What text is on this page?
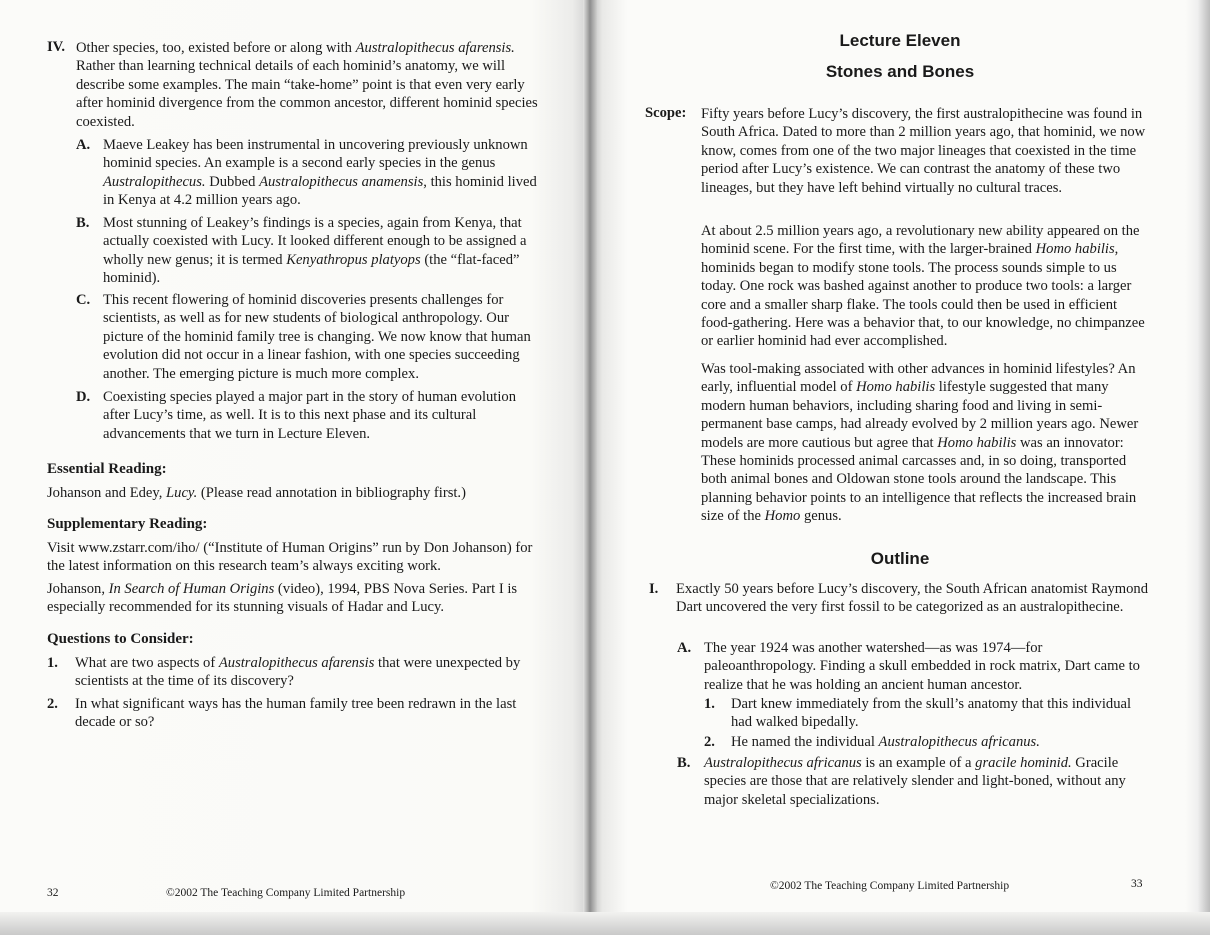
IV. Other species, too, existed before or along with Australopithecus afarensis. Rather than learning technical details of each hominid’s anatomy, we will describe some examples. The main “take-home” point is that even very early after hominid divergence from the common ancestor, different hominid species coexisted.

A. Maeve Leakey has been instrumental in uncovering previously unknown hominid species. An example is a second early species in the genus Australopithecus. Dubbed Australopithecus anamensis, this hominid lived in Kenya at 4.2 million years ago.

B. Most stunning of Leakey’s findings is a species, again from Kenya, that actually coexisted with Lucy. It looked different enough to be assigned a wholly new genus; it is termed Kenyathropus platyops (the “flat-faced” hominid).

C. This recent flowering of hominid discoveries presents challenges for scientists, as well as for new students of biological anthropology. Our picture of the hominid family tree is changing. We now know that human evolution did not occur in a linear fashion, with one species succeeding another. The emerging picture is much more complex.

D. Coexisting species played a major part in the story of human evolution after Lucy’s time, as well. It is to this next phase and its cultural advancements that we turn in Lecture Eleven.

Essential Reading:

Johanson and Edey, Lucy. (Please read annotation in bibliography first.)

Supplementary Reading:

Visit www.zstarr.com/iho/ (“Institute of Human Origins” run by Don Johanson) for the latest information on this research team’s always exciting work.

Johanson, In Search of Human Origins (video), 1994, PBS Nova Series. Part I is especially recommended for its stunning visuals of Hadar and Lucy.

Questions to Consider:
1. What are two aspects of Australopithecus afarensis that were unexpected by scientists at the time of its discovery?

2. In what significant ways has the human family tree been redrawn in the last decade or so?

32	©2002 The Teaching Company Limited Partnership
Lecture Eleven
Stones and Bones
Scope: Fifty years before Lucy’s discovery, the first australopithecine was found in South Africa. Dated to more than 2 million years ago, that hominid, we now know, comes from one of the two major lineages that coexisted in the time period after Lucy’s existence. We can contrast the anatomy of these two lineages, but they have left behind virtually no cultural traces.

At about 2.5 million years ago, a revolutionary new ability appeared on the hominid scene. For the first time, with the larger-brained Homo habilis, hominids began to modify stone tools. The process sounds simple to us today. One rock was bashed against another to produce two tools: a larger core and a smaller sharp flake. The tools could then be used in efficient food-gathering. Here was a behavior that, to our knowledge, no chimpanzee or earlier hominid had ever accomplished.

Was tool-making associated with other advances in hominid lifestyles? An early, influential model of Homo habilis lifestyle suggested that many modern human behaviors, including sharing food and living in semi-permanent base camps, had already evolved by 2 million years ago. Newer models are more cautious but agree that Homo habilis was an innovator: These hominids processed animal carcasses and, in so doing, transported both animal bones and Oldowan stone tools around the landscape. This planning behavior points to an intelligence that reflects the increased brain size of the Homo genus.

Outline
I. Exactly 50 years before Lucy’s discovery, the South African anatomist Raymond Dart uncovered the very first fossil to be categorized as an australopithecine.

A. The year 1924 was another watershed—as was 1974—for paleoanthropology. Finding a skull embedded in rock matrix, Dart came to realize that he was holding an ancient human ancestor.

1. Dart knew immediately from the skull’s anatomy that this individual had walked bipedally.

2. He named the individual Australopithecus africanus.

B. Australopithecus africanus is an example of a gracile hominid. Gracile species are those that are relatively slender and light-boned, without any major skeletal specializations.

©2002 The Teaching Company Limited Partnership	33
